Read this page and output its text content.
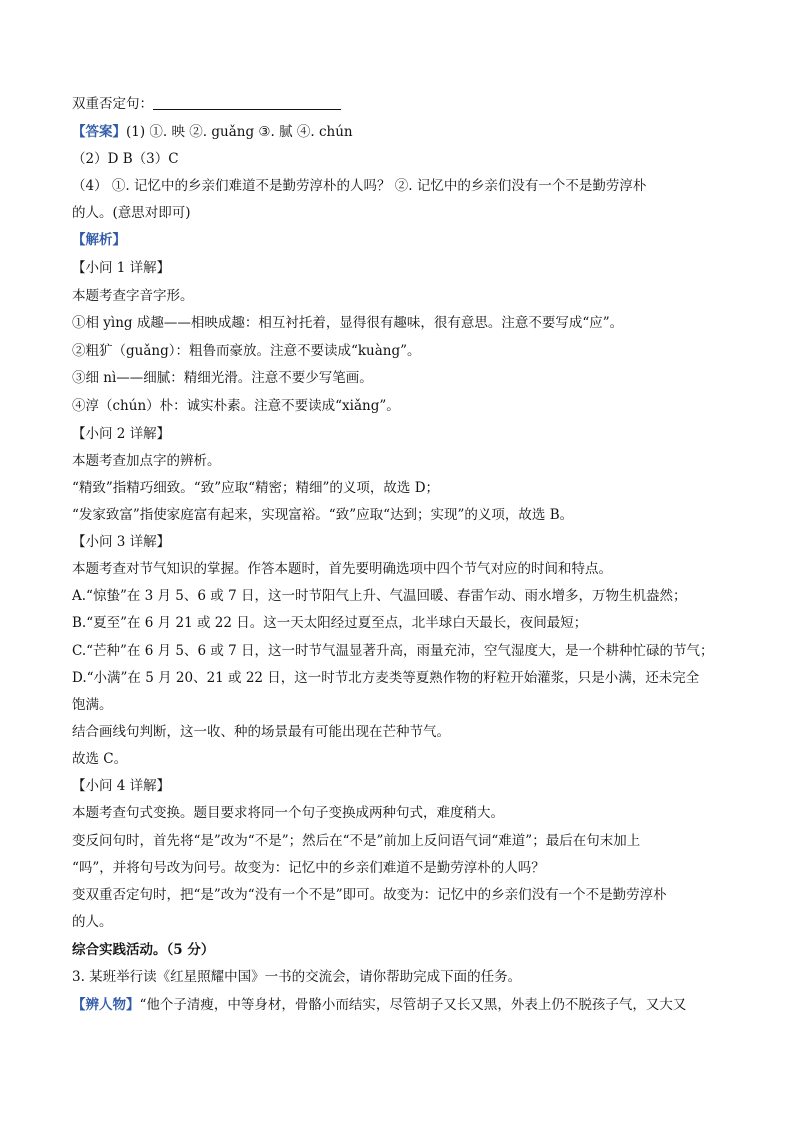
双重否定句：
【答案】(1) ①. 映 ②. guǎng ③. 腻 ④. chún
（2）D B（3）C
（4） ①. 记忆中的乡亲们难道不是勤劳淳朴的人吗？ ②. 记忆中的乡亲们没有一个不是勤劳淳朴
的人。(意思对即可)
【解析】
【小问 1 详解】
本题考查字音字形。
①相 yìng 成趣——相映成趣：相互衬托着，显得很有趣味，很有意思。注意不要写成“应”。
②粗犷（guǎng）：粗鲁而豪放。注意不要读成“kuàng”。
③细 nì——细腻：精细光滑。注意不要少写笔画。
④淳（chún）朴：诚实朴素。注意不要读成“xiǎng”。
【小问 2 详解】
本题考查加点字的辨析。
“精致”指精巧细致。“致”应取“精密；精细”的义项，故选 D；
“发家致富”指使家庭富有起来，实现富裕。“致”应取“达到；实现”的义项，故选 B。
【小问 3 详解】
本题考查对节气知识的掌握。作答本题时，首先要明确选项中四个节气对应的时间和特点。
A.“惊蛰”在 3 月 5、6 或 7 日，这一时节阳气上升、气温回暖、春雷乍动、雨水增多，万物生机盎然；
B.“夏至”在 6 月 21 或 22 日。这一天太阳经过夏至点，北半球白天最长，夜间最短；
C.“芒种”在 6 月 5、6 或 7 日，这一时节气温显著升高，雨量充沛，空气湿度大，是一个耕种忙碌的节气；
D.“小满”在 5 月 20、21 或 22 日，这一时节北方麦类等夏熟作物的籽粒开始灌浆，只是小满，还未完全
饱满。
结合画线句判断，这一收、种的场景最有可能出现在芒种节气。
故选 C。
【小问 4 详解】
本题考查句式变换。题目要求将同一个句子变换成两种句式，难度稍大。
变反问句时，首先将“是”改为“不是”；然后在“不是”前加上反问语气词“难道”；最后在句末加上
“吗”，并将句号改为问号。故变为：记忆中的乡亲们难道不是勤劳淳朴的人吗？
变双重否定句时，把“是”改为“没有一个不是”即可。故变为：记忆中的乡亲们没有一个不是勤劳淳朴
的人。
综合实践活动。（5 分）
3. 某班举行读《红星照耀中国》一书的交流会，请你帮助完成下面的任务。
【辨人物】“他个子清瘦，中等身材，骨骼小而结实，尽管胡子又长又黑，外表上仍不脱孩子气，又大又
